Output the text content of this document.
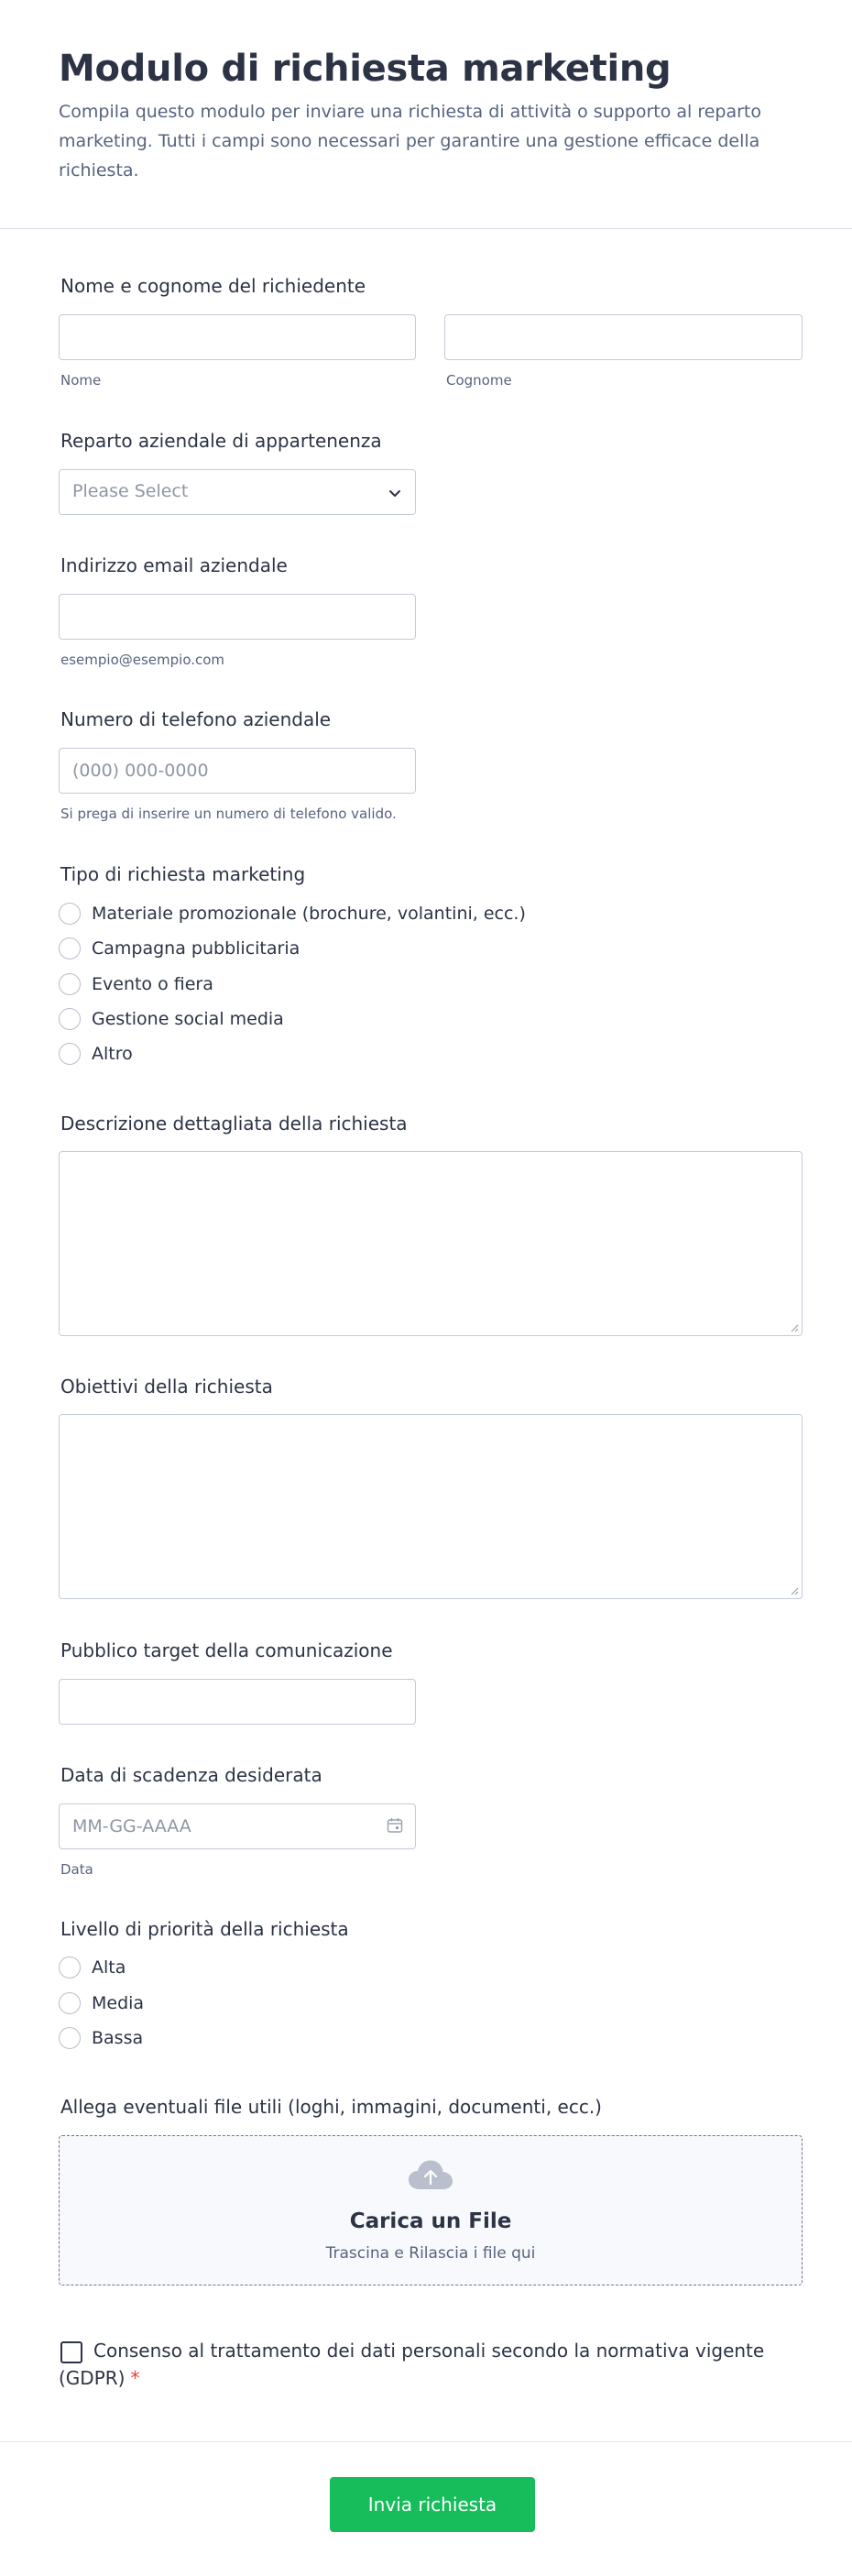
Modulo di richiesta marketing

Compila questo modulo per inviare una richiesta di attività o supporto al reparto marketing. Tutti i campi sono necessari per garantire una gestione efficace della richiesta.

Nome e cognome del richiedente
Nome	Cognome
Reparto aziendale di appartenenza
Please Select
Indirizzo email aziendale
esempio@esempio.com
Numero di telefono aziendale
(000) 000-0000
Si prega di inserire un numero di telefono valido.
Tipo di richiesta marketing
Materiale promozionale (brochure, volantini, ecc.)
Campagna pubblicitaria
Evento o fiera
Gestione social media
Altro
Descrizione dettagliata della richiesta
Obiettivi della richiesta
Pubblico target della comunicazione
Data di scadenza desiderata
MM-GG-AAAA
Data
Livello di priorità della richiesta
Alta
Media
Bassa
Allega eventuali file utili (loghi, immagini, documenti, ecc.)
Carica un File
Trascina e Rilascia i file qui

Consenso al trattamento dei dati personali secondo la normativa vigente (GDPR) *

Invia richiesta
